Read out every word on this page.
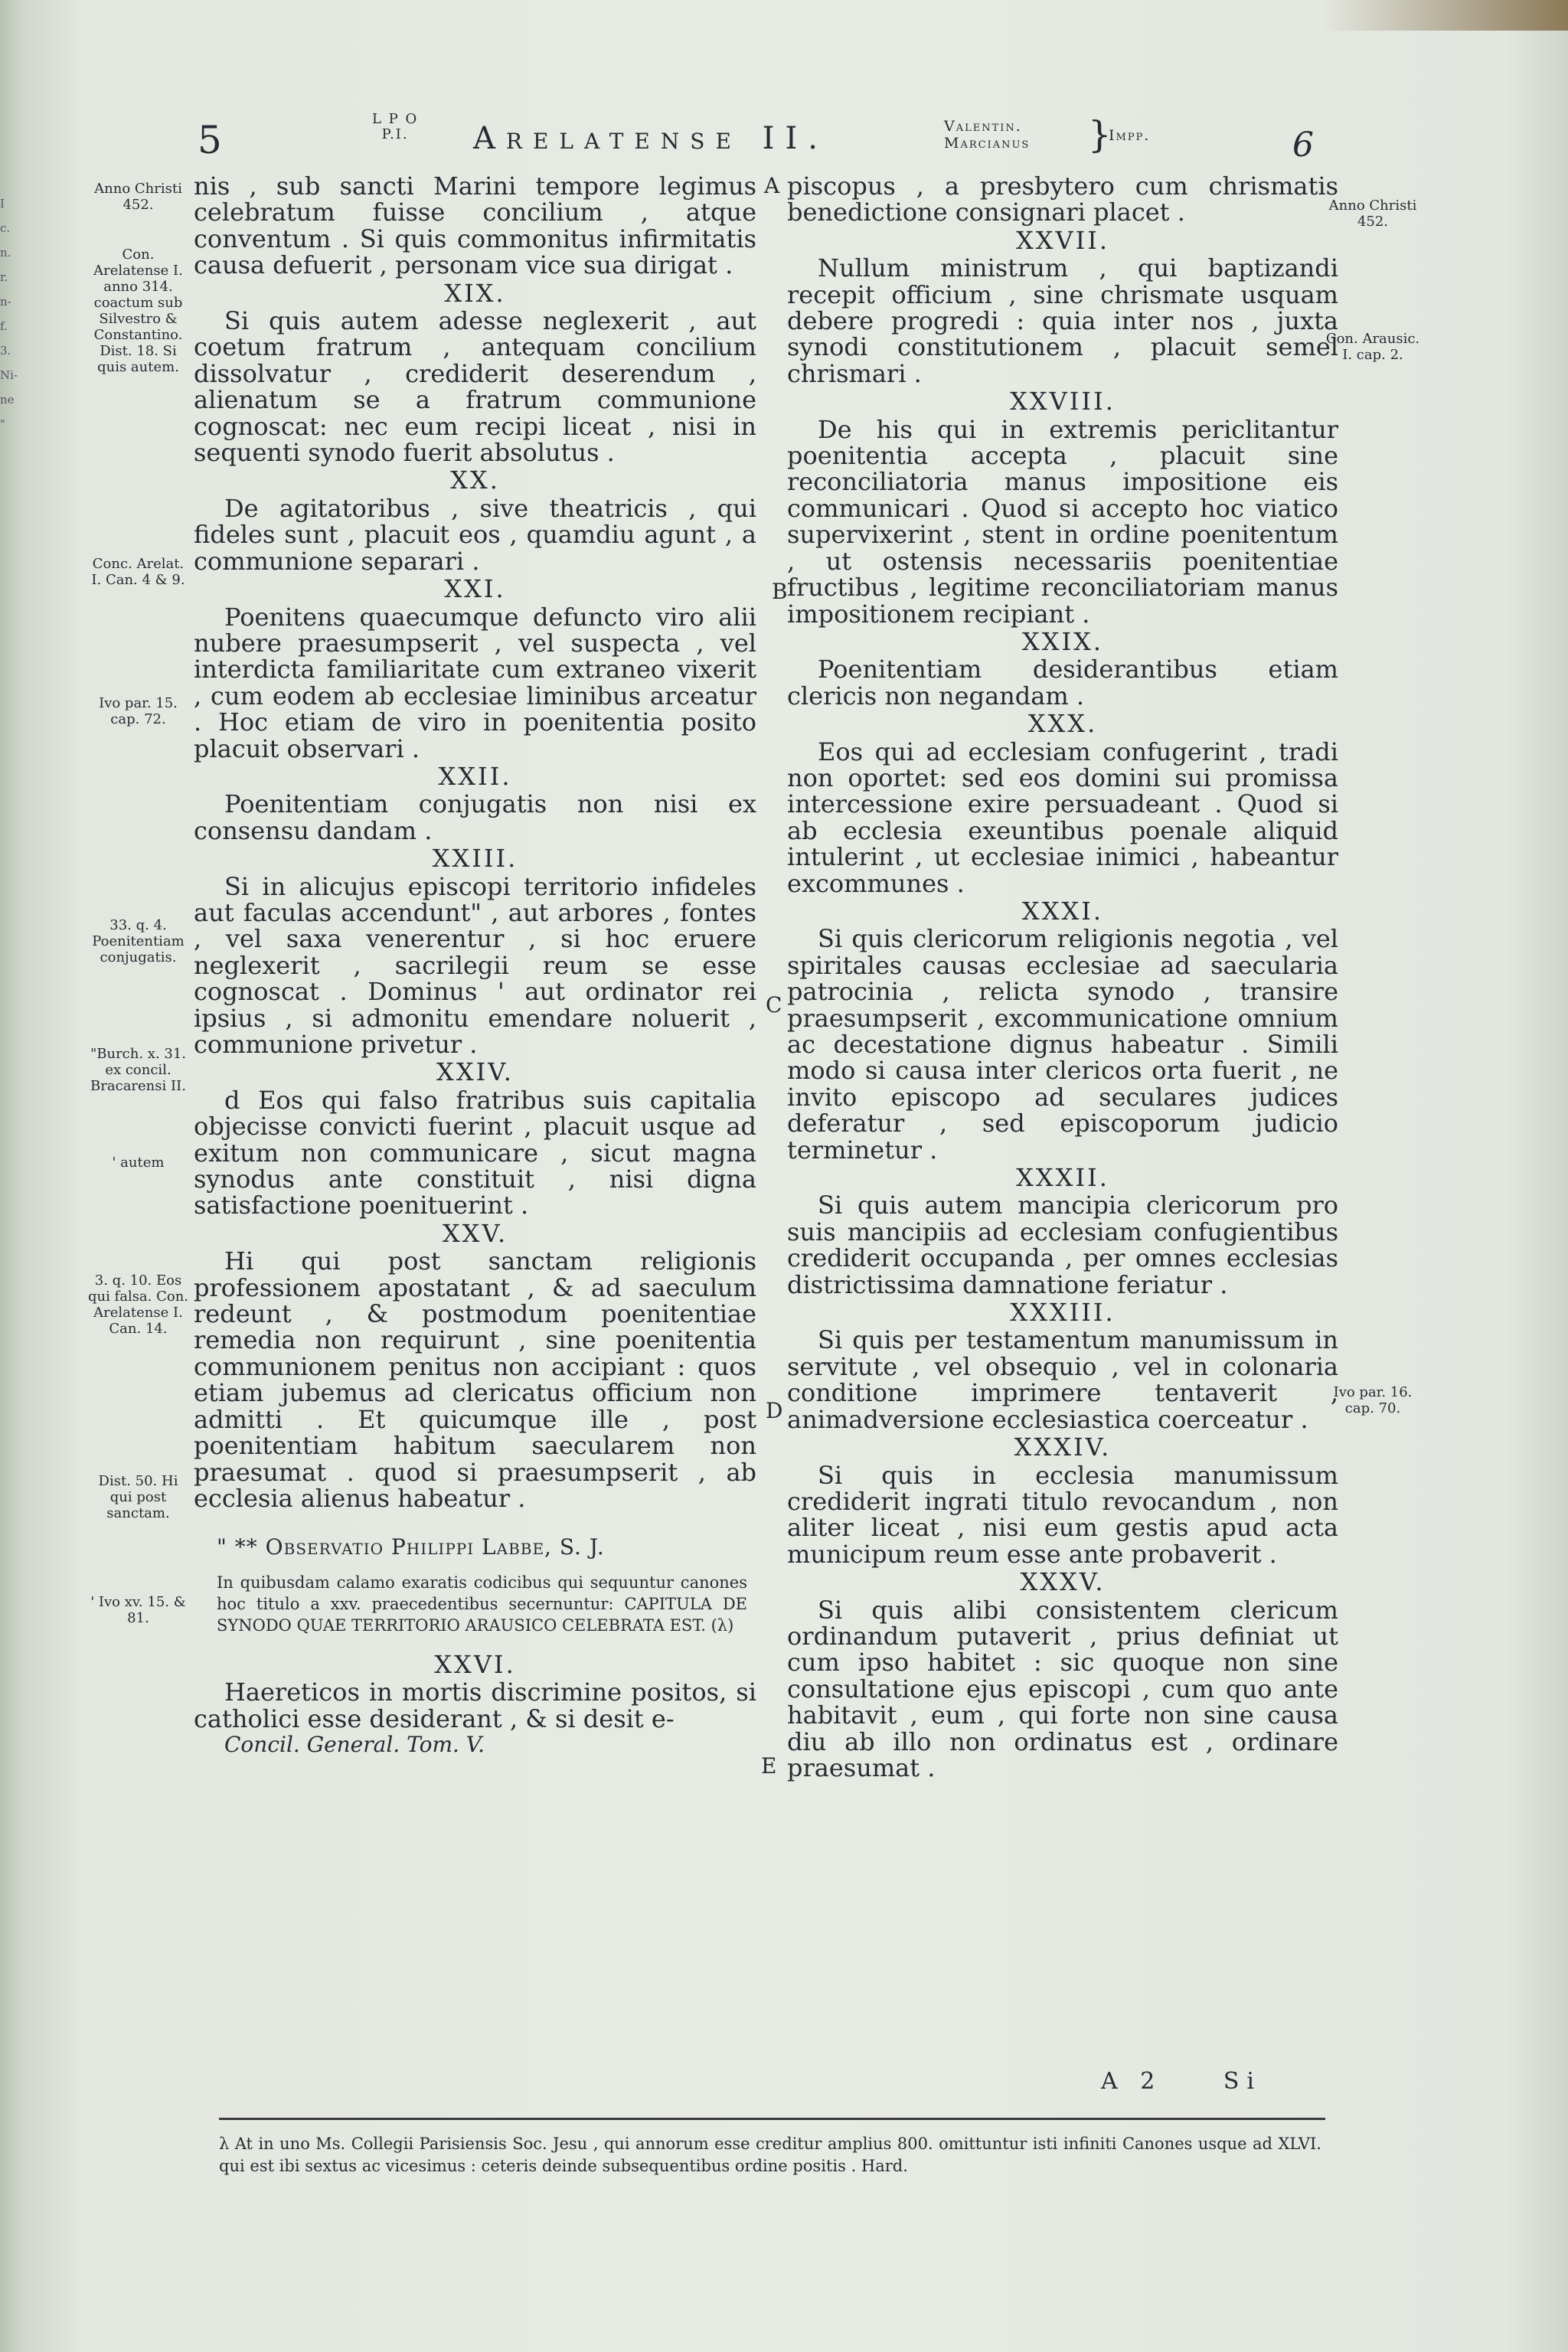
I
c.
n.
r.
n-
f.
3.
Ni-
ne
"
5	L P O
P.I.	Arelatense II.	Valentin.
Marcianus }
Impp.	6
Anno Christi 452.
Con. Arelatense I. anno 314. coactum sub Silvestro & Constantino. Dist. 18. Si quis autem.
Conc. Arelat. I. Can. 4 & 9.
Ivo par. 15. cap. 72.
33. q. 4. Poenitentiam conjugatis.
"Burch. x. 31. ex concil. Bracarensi II.
' autem
3. q. 10. Eos qui falsa. Con. Arelatense I. Can. 14.
Dist. 50. Hi qui post sanctam.
' Ivo xv. 15. & 81.
Anno Christi 452.
Con. Arausic. I. cap. 2.
Ivo par. 16. cap. 70.
A
B
C
D
E

nis , sub sancti Marini tempore legimus celebratum fuisse concilium , atque conventum . Si quis commonitus infirmitatis causa defuerit , personam vice sua dirigat .

XIX.

Si quis autem adesse neglexerit , aut coetum fratrum , antequam concilium dissolvatur , crediderit deserendum , alienatum se a fratrum communione cognoscat: nec eum recipi liceat , nisi in sequenti synodo fuerit absolutus .

XX.

De agitatoribus , sive theatricis , qui fideles sunt , placuit eos , quamdiu agunt , a communione separari .

XXI.

Poenitens quaecumque defuncto viro alii nubere praesumpserit , vel suspecta , vel interdicta familiaritate cum extraneo vixerit , cum eodem ab ecclesiae liminibus arceatur . Hoc etiam de viro in poenitentia posito placuit observari .

XXII.

Poenitentiam conjugatis non nisi ex consensu dandam .

XXIII.

Si in alicujus episcopi territorio infideles aut faculas accendunt" , aut arbores , fontes , vel saxa venerentur , si hoc eruere neglexerit , sacrilegii reum se esse cognoscat . Dominus ' aut ordinator rei ipsius , si admonitu emendare noluerit , communione privetur .

XXIV.

d Eos qui falso fratribus suis capitalia objecisse convicti fuerint , placuit usque ad exitum non communicare , sicut magna synodus ante constituit , nisi digna satisfactione poenituerint .

XXV.

Hi qui post sanctam religionis professionem apostatant , & ad saeculum redeunt , & postmodum poenitentiae remedia non requirunt , sine poenitentia communionem penitus non accipiant : quos etiam jubemus ad clericatus officium non admitti . Et quicumque ille , post poenitentiam habitum saecularem non praesumat . quod si praesumpserit , ab ecclesia alienus habeatur .

" ** Observatio Philippi Labbe, S. J.
In quibusdam calamo exaratis codicibus qui sequuntur canones hoc titulo a xxv. praecedentibus secernuntur: CAPITULA DE SYNODO QUAE TERRITORIO ARAUSICO CELEBRATA EST. (λ)
XXVI.

Haereticos in mortis discrimine positos, si catholici esse desiderant , & si desit e-

Concil. General. Tom. V.

piscopus , a presbytero cum chrismatis benedictione consignari placet .

XXVII.

Nullum ministrum , qui baptizandi recepit officium , sine chrismate usquam debere progredi : quia inter nos , juxta synodi constitutionem , placuit semel chrismari .

XXVIII.

De his qui in extremis periclitantur poenitentia accepta , placuit sine reconciliatoria manus impositione eis communicari . Quod si accepto hoc viatico supervixerint , stent in ordine poenitentum , ut ostensis necessariis poenitentiae fructibus , legitime reconciliatoriam manus impositionem recipiant .

XXIX.

Poenitentiam desiderantibus etiam clericis non negandam .

XXX.

Eos qui ad ecclesiam confugerint , tradi non oportet: sed eos domini sui promissa intercessione exire persuadeant . Quod si ab ecclesia exeuntibus poenale aliquid intulerint , ut ecclesiae inimici , habeantur excommunes .

XXXI.

Si quis clericorum religionis negotia , vel spiritales causas ecclesiae ad saecularia patrocinia , relicta synodo , transire praesumpserit , excommunicatione omnium ac decestatione dignus habeatur . Simili modo si causa inter clericos orta fuerit , ne invito episcopo ad seculares judices deferatur , sed episcoporum judicio terminetur .

XXXII.

Si quis autem mancipia clericorum pro suis mancipiis ad ecclesiam confugientibus crediderit occupanda , per omnes ecclesias districtissima damnatione feriatur .

XXXIII.

Si quis per testamentum manumissum in servitute , vel obsequio , vel in colonaria conditione imprimere tentaverit , animadversione ecclesiastica coerceatur .

XXXIV.

Si quis in ecclesia manumissum crediderit ingrati titulo revocandum , non aliter liceat , nisi eum gestis apud acta municipum reum esse ante probaverit .

XXXV.

Si quis alibi consistentem clericum ordinandum putaverit , prius definiat ut cum ipso habitet : sic quoque non sine consultatione ejus episcopi , cum quo ante habitavit , eum , qui forte non sine causa diu ab illo non ordinatus est , ordinare praesumat .

A 2	Si
λ At in uno Ms. Collegii Parisiensis Soc. Jesu , qui annorum esse creditur amplius 800. omittuntur isti infiniti Canones usque ad XLVI. qui est ibi sextus ac vicesimus : ceteris deinde subsequentibus ordine positis . Hard.
